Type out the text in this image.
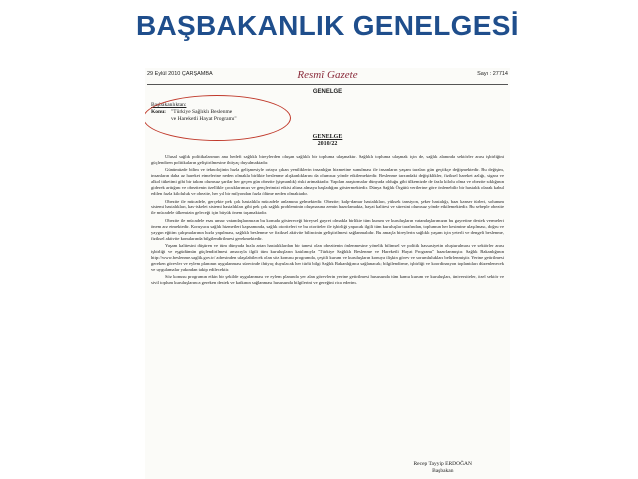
BAŞBAKANLIK GENELGESİ
29 Eylül 2010 ÇARŞAMBA	Resmî Gazete	Sayı : 27714
GENELGE
Başbakanlıktan:
Konu: "Türkiye Sağlıklı Beslenme
ve Hareketli Hayat Programı"
GENELGE
2010/22

Ulusal sağlık politikalarımın ana hedefi sağlıklı bireylerden oluşan sağlıklı bir topluma ulaşmaktır. Sağlıklı topluma ulaşmak için de, sağlık alanında sektörler arası işbirliğini güçlendiren politikaların geliştirilmesine ihtiyaç duyulmaktadır.

Günümüzde bilim ve teknolojinin hızla gelişmesiyle ortaya çıkan yeniliklerin insanlığın hizmetine sunulması ile insanların yaşam tarzları gün geçtikçe değişmektedir. Bu değişim, insanların daha az hareket etmelerine neden olmakla birlikte beslenme alışkanlıklarını da olumsuz yönde etkilemektedir. Beslenme tarzındaki değişiklikler, fiziksel hareket azlığı, sigara ve alkol tüketimi gibi bir takım olumsuz şartlar her geçen gün obezite (şişmanlık) riski artmaktadır. Yapılan araştırmalar dünyada olduğu gibi ülkemizde de fazla kilolu olma ve obezite sıklığının giderek arttığını ve obezitenin özellikle çocuklarımızı ve gençlerimizi etkisi altına almaya başladığını göstermektedir. Dünya Sağlık Örgütü verilerine göre önlenebilir bir hastalık olarak kabul edilen fazla kiloluluk ve obezite, her yıl bir milyondan fazla ölüme neden olmaktadır.

Obezite ile mücadele, gerçekte pek çok hastalıkla mücadele anlamına gelmektedir. Obezite; kalp-damar hastalıkları, yüksek tansiyon, şeker hastalığı, bazı kanser türleri, solunum sistemi hastalıkları, kas-iskelet sistemi hastalıkları gibi pek çok sağlık probleminin oluşmasına zemin hazırlamakta, hayat kalitesi ve süresini olumsuz yönde etkilemektedir. Bu sebeple obezite ile mücadele ülkemizin geleceği için büyük önem taşımaktadır.

Obezite ile mücadele esas unsur vatandaşlarımızın bu konuda göstereceği bireysel gayret olmakla birlikte tüm kurum ve kuruluşların vatandaşlarımızın bu gayretine destek vermeleri önem arz etmektedir. Koruyucu sağlık hizmetleri kapsamında, sağlık otoriteleri ve bu otoriteler ile işbirliği yapacak ilgili tüm kuruluşlar tarafından, toplumun her kesimine ulaşılması, doğru ve yaygın eğitim çalışmalarının hızla yapılması, sağlıklı beslenme ve fiziksel aktivite bilincinin geliştirilmesi sağlanmalıdır. Bu amaçla bireylerin sağlıklı yaşam için yeterli ve dengeli beslenme, fiziksel aktivite konularında bilgilendirilmesi gerekmektedir.

Yaşam kalitesini düşüren ve tüm dünyada hızla artan hastalıklardan bir tanesi olan obezitenin önlenmesine yönelik bilimsel ve politik hassasiyetin oluşturulması ve sektörler arası işbirliği ve eşgüdümün güçlendirilmesi amacıyla ilgili tüm kuruluşların katılımıyla "Türkiye Sağlıklı Beslenme ve Hareketli Hayat Programı" hazırlanmıştır. Sağlık Bakanlığının http://www.beslenme.saglik.gov.tr/ adresinden ulaşılabilecek olan söz konusu programda, çeşitli kurum ve kuruluşların konuya ilişkin görev ve sorumlulukları belirlenmiştir. Yerine getirilmesi gereken görevler ve eylem planının uygulanması sürecinde ihtiyaç duyulacak her türlü bilgi Sağlık Bakanlığınca sağlanacak; bilgilendirme, işbirliği ve koordinasyon toplantıları düzenlenecek ve uygulamalar yakından takip edilecektir.

Söz konusu programın etkin bir şekilde uygulanması ve eylem planında yer alan görevlerin yerine getirilmesi hususunda tüm kamu kurum ve kuruluşları, üniversiteler, özel sektör ve sivil toplum kuruluşlarınca gereken destek ve katkının sağlanması hususunda bilgilerini ve gereğini rica ederim.

Recep Tayyip ERDOĞAN
Başbakan
